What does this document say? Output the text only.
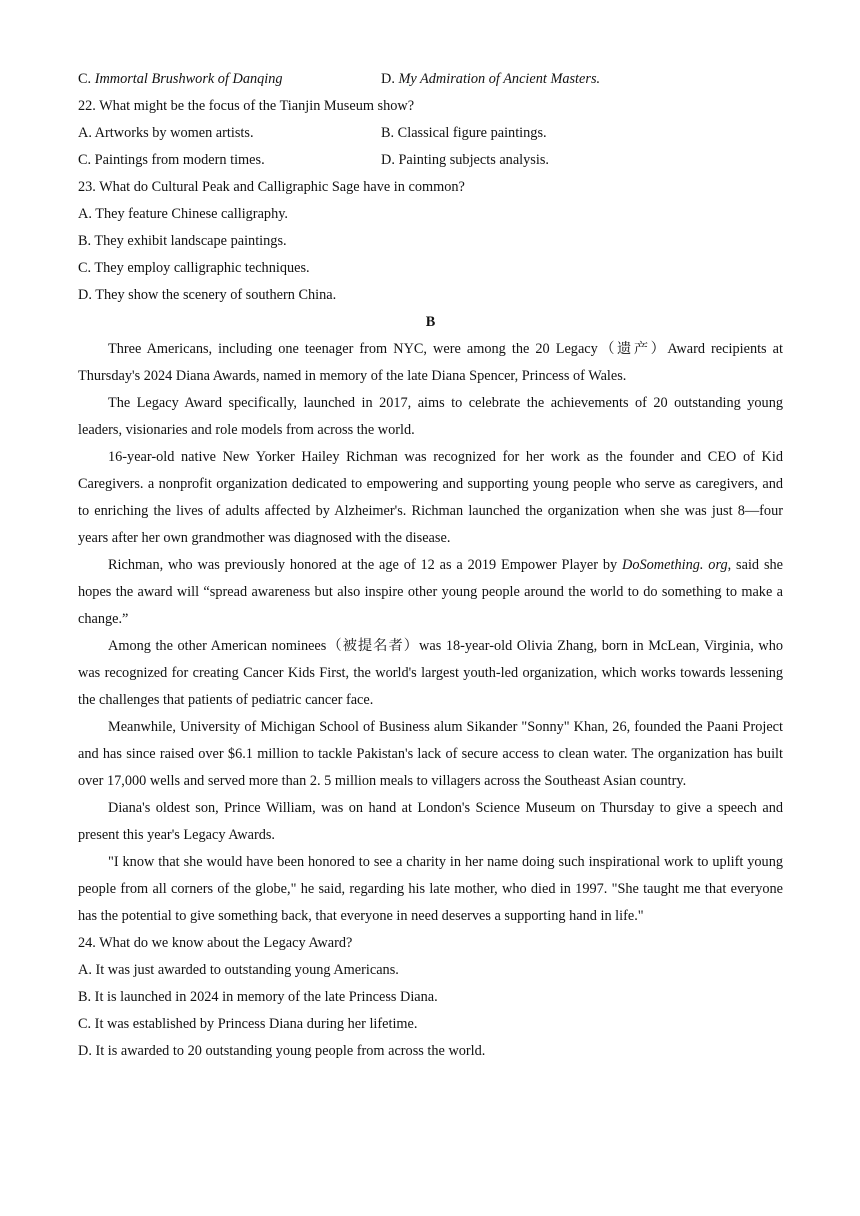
C. Immortal Brushwork of Danqing	D. My Admiration of Ancient Masters.
22. What might be the focus of the Tianjin Museum show?
A. Artworks by women artists.	B. Classical figure paintings.
C. Paintings from modern times.	D. Painting subjects analysis.
23. What do Cultural Peak and Calligraphic Sage have in common?
A. They feature Chinese calligraphy.
B. They exhibit landscape paintings.
C. They employ calligraphic techniques.
D. They show the scenery of southern China.
B

Three Americans, including one teenager from NYC, were among the 20 Legacy（遗产）Award recipients at Thursday's 2024 Diana Awards, named in memory of the late Diana Spencer, Princess of Wales.

The Legacy Award specifically, launched in 2017, aims to celebrate the achievements of 20 outstanding young leaders, visionaries and role models from across the world.

16-year-old native New Yorker Hailey Richman was recognized for her work as the founder and CEO of Kid Caregivers. a nonprofit organization dedicated to empowering and supporting young people who serve as caregivers, and to enriching the lives of adults affected by Alzheimer's. Richman launched the organization when she was just 8—four years after her own grandmother was diagnosed with the disease.

Richman, who was previously honored at the age of 12 as a 2019 Empower Player by DoSomething. org, said she hopes the award will “spread awareness but also inspire other young people around the world to do something to make a change.”

Among the other American nominees（被提名者）was 18-year-old Olivia Zhang, born in McLean, Virginia, who was recognized for creating Cancer Kids First, the world's largest youth-led organization, which works towards lessening the challenges that patients of pediatric cancer face.

Meanwhile, University of Michigan School of Business alum Sikander "Sonny" Khan, 26, founded the Paani Project and has since raised over $6.1 million to tackle Pakistan's lack of secure access to clean water. The organization has built over 17,000 wells and served more than 2. 5 million meals to villagers across the Southeast Asian country.

Diana's oldest son, Prince William, was on hand at London's Science Museum on Thursday to give a speech and present this year's Legacy Awards.

"I know that she would have been honored to see a charity in her name doing such inspirational work to uplift young people from all corners of the globe," he said, regarding his late mother, who died in 1997. "She taught me that everyone has the potential to give something back, that everyone in need deserves a supporting hand in life."

24. What do we know about the Legacy Award?
A. It was just awarded to outstanding young Americans.
B. It is launched in 2024 in memory of the late Princess Diana.
C. It was established by Princess Diana during her lifetime.
D. It is awarded to 20 outstanding young people from across the world.
